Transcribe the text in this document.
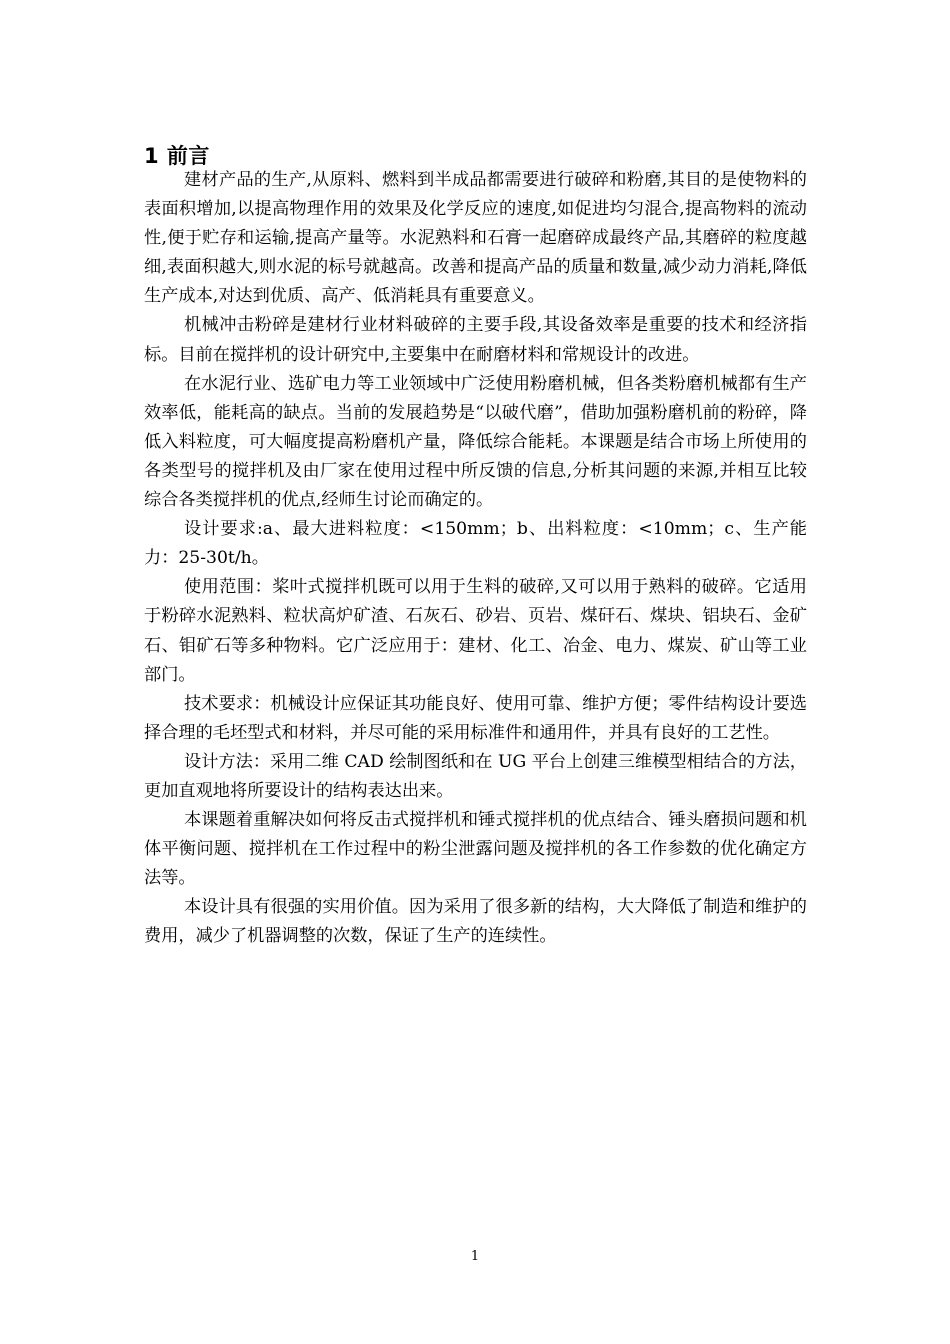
1 前言

建材产品的生产,从原料、燃料到半成品都需要进行破碎和粉磨,其目的是使物料的表面积增加,以提高物理作用的效果及化学反应的速度,如促进均匀混合,提高物料的流动性,便于贮存和运输,提高产量等。水泥熟料和石膏一起磨碎成最终产品,其磨碎的粒度越细,表面积越大,则水泥的标号就越高。改善和提高产品的质量和数量,减少动力消耗,降低生产成本,对达到优质、高产、低消耗具有重要意义。

机械冲击粉碎是建材行业材料破碎的主要手段,其设备效率是重要的技术和经济指标。目前在搅拌机的设计研究中,主要集中在耐磨材料和常规设计的改进。

在水泥行业、选矿电力等工业领域中广泛使用粉磨机械，但各类粉磨机械都有生产效率低，能耗高的缺点。当前的发展趋势是“以破代磨”，借助加强粉磨机前的粉碎，降低入料粒度，可大幅度提高粉磨机产量，降低综合能耗。本课题是结合市场上所使用的各类型号的搅拌机及由厂家在使用过程中所反馈的信息,分析其问题的来源,并相互比较综合各类搅拌机的优点,经师生讨论而确定的。

设计要求:a、最大进料粒度：<150mm；b、出料粒度：<10mm；c、生产能力：25-30t/h。

使用范围：桨叶式搅拌机既可以用于生料的破碎,又可以用于熟料的破碎。它适用于粉碎水泥熟料、粒状高炉矿渣、石灰石、砂岩、页岩、煤矸石、煤块、铝块石、金矿石、钼矿石等多种物料。它广泛应用于：建材、化工、冶金、电力、煤炭、矿山等工业部门。

技术要求：机械设计应保证其功能良好、使用可靠、维护方便；零件结构设计要选择合理的毛坯型式和材料，并尽可能的采用标准件和通用件，并具有良好的工艺性。

设计方法：采用二维 CAD 绘制图纸和在 UG 平台上创建三维模型相结合的方法，更加直观地将所要设计的结构表达出来。

本课题着重解决如何将反击式搅拌机和锤式搅拌机的优点结合、锤头磨损问题和机体平衡问题、搅拌机在工作过程中的粉尘泄露问题及搅拌机的各工作参数的优化确定方法等。

本设计具有很强的实用价值。因为采用了很多新的结构，大大降低了制造和维护的费用，减少了机器调整的次数，保证了生产的连续性。

1
